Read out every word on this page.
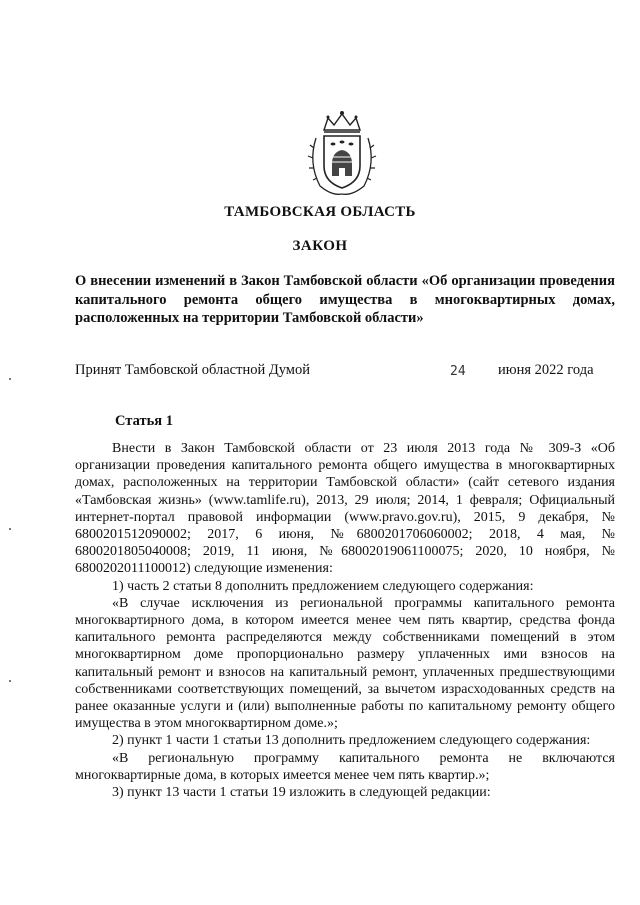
ТАМБОВСКАЯ ОБЛАСТЬ
ЗАКОН
О внесении изменений в Закон Тамбовской области «Об организации проведения капитального ремонта общего имущества в многоквартирных домах, расположенных на территории Тамбовской области»
Принят Тамбовской областной Думой	24 июня 2022 года
Статья 1

Внести в Закон Тамбовской области от 23 июля 2013 года № 309-З «Об организации проведения капитального ремонта общего имущества в многоквартирных домах, расположенных на территории Тамбовской области» (сайт сетевого издания «Тамбовская жизнь» (www.tamlife.ru), 2013, 29 июля; 2014, 1 февраля; Официальный интернет-портал правовой информации (www.pravo.gov.ru), 2015, 9 декабря, № 6800201512090002; 2017, 6 июня, №6800201706060002; 2018, 4 мая, № 6800201805040008; 2019, 11 июня, №6800201906110007​5; 2020, 10 ноября, № 6800202011100012) следующие изменения:

1) часть 2 статьи 8 дополнить предложением следующего содержания:

«В случае исключения из региональной программы капитального ремонта многоквартирного дома, в котором имеется менее чем пять квартир, средства фонда капитального ремонта распределяются между собственниками помещений в этом многоквартирном доме пропорционально размеру уплаченных ими взносов на капитальный ремонт и взносов на капитальный ремонт, уплаченных предшествующими собственниками соответствующих помещений, за вычетом израсходованных средств на ранее оказанные услуги и (или) выполненные работы по капитальному ремонту общего имущества в этом многоквартирном доме.»;

2) пункт 1 части 1 статьи 13 дополнить предложением следующего содержания:

«В региональную программу капитального ремонта не включаются многоквартирные дома, в которых имеется менее чем пять квартир.»;

3) пункт 13 части 1 статьи 19 изложить в следующей редакции:
